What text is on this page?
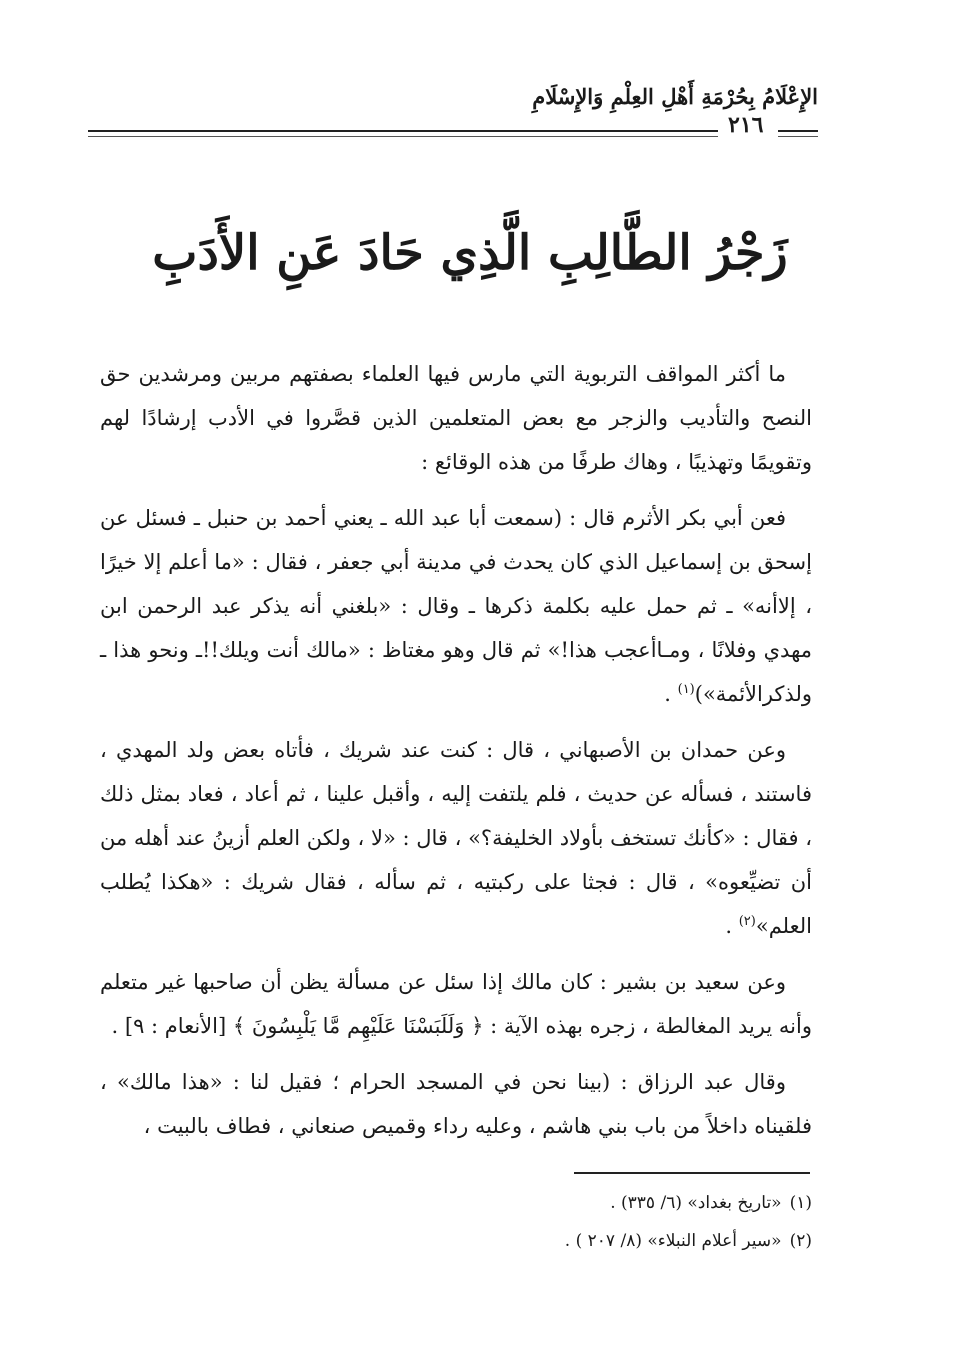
الإِعْلَامُ بِحُرْمَةِ أَهْلِ العِلْمِ وَالإِسْلَامِ
٢١٦
زَجْرُ الطَّالِبِ الَّذِي حَادَ عَنِ الأَدَبِ

ما أكثر المواقف التربوية التي مارس فيها العلماء بصفتهم مربين ومرشدين حق النصح والتأديب والزجر مع بعض المتعلمين الذين قصَّروا في الأدب إرشادًا لهم وتقويمًا وتهذيبًا ، وهاك طرفًا من هذه الوقائع :

فعن أبي بكر الأثرم قال : (سمعت أبا عبد الله ـ يعني أحمد بن حنبل ـ فسئل عن إسحق بن إسماعيل الذي كان يحدث في مدينة أبي جعفر ، فقال : «ما أعلم إلا خيرًا ، إلاأنه» ـ ثم حمل عليه بكلمة ذكرها ـ وقال : «بلغني أنه يذكر عبد الرحمن ابن مهدي وفلانًا ، ومـاأعجب هذا!» ثم قال وهو مغتاظ : «مالك أنت ويلك!!ـ ونحو هذا ـ ولذكرالأئمة»)$^{(١)}$ .

وعن حمدان بن الأصبهاني ، قال : كنت عند شريك ، فأتاه بعض ولد المهدي ، فاستند ، فسأله عن حديث ، فلم يلتفت إليه ، وأقبل علينا ، ثم أعاد ، فعاد بمثل ذلك ، فقال : «كأنك تستخف بأولاد الخليفة؟» ، قال : «لا ، ولكن العلم أزينُ عند أهله من أن تضيِّعوه» ، قال : فجثا على ركبتيه ، ثم سأله ، فقال شريك : «هكذا يُطلب العلم»$^{(٢)}$ .

وعن سعيد بن بشير : كان مالك إذا سئل عن مسألة يظن أن صاحبها غير متعلم وأنه يريد المغالطة ، زجره بهذه الآية : ﴿ وَلَلَبَسْنَا عَلَيْهِم مَّا يَلْبِسُونَ ﴾ [الأنعام : ٩] .

وقال عبد الرزاق : (بينا نحن في المسجد الحرام ؛ فقيل لنا : «هذا مالك» ، فلقيناه داخلاً من باب بني هاشم ، وعليه رداء وقميص صنعاني ، فطاف بالبيت ،

(١)«تاريخ بغداد» (٦/ ٣٣٥) .
(٢)«سير أعلام النبلاء» (٨/ ٢٠٧ ) .
